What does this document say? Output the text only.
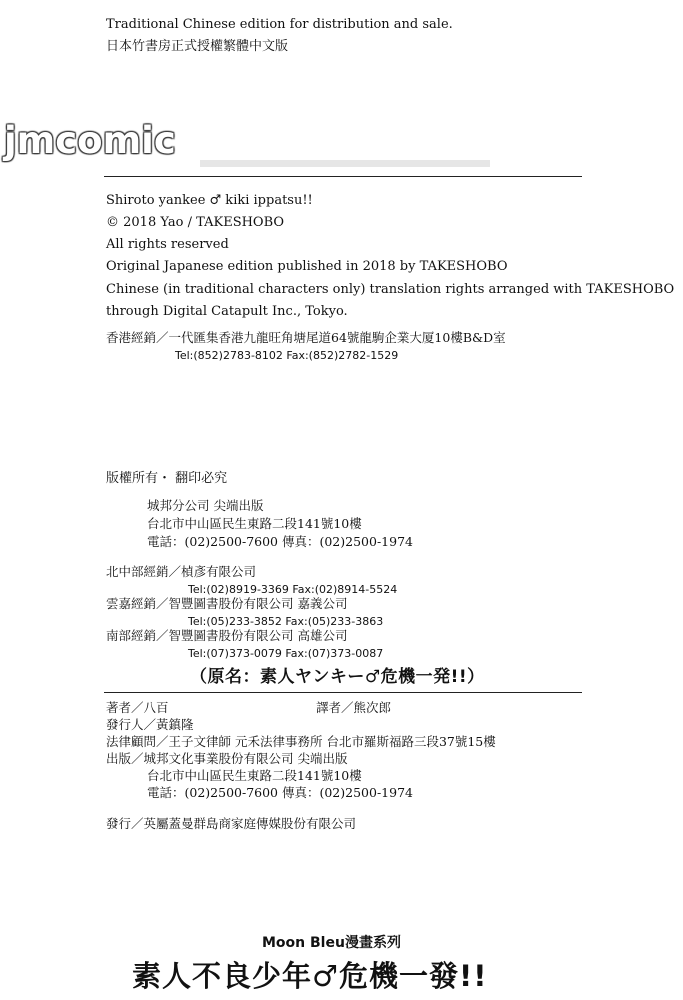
Traditional Chinese edition for distribution and sale.
日本竹書房正式授權繁體中文版
jmcomic
Shiroto yankee ♂ kiki ippatsu!!
© 2018 Yao / TAKESHOBO
All rights reserved
Original Japanese edition published in 2018 by TAKESHOBO
Chinese (in traditional characters only) translation rights arranged with TAKESHOBO
through Digital Catapult Inc., Tokyo.
香港經銷／一代匯集香港九龍旺角塘尾道64號龍駒企業大厦10樓B&D室
Tel:(852)2783-8102 Fax:(852)2782-1529
版權所有・ 翻印必究
城邦分公司 尖端出版
台北市中山區民生東路二段141號10樓
電話：(02)2500-7600 傳真：(02)2500-1974
北中部經銷／楨彥有限公司
Tel:(02)8919-3369 Fax:(02)8914-5524
雲嘉經銷／智豐圖書股份有限公司 嘉義公司
Tel:(05)233-3852 Fax:(05)233-3863
南部經銷／智豐圖書股份有限公司 高雄公司
Tel:(07)373-0079 Fax:(07)373-0087
（原名：素人ヤンキー♂危機一発!!）
著者／八百	譯者／熊次郎
發行人／黃鎮隆
法律顧問／王子文律師 元禾法律事務所 台北市羅斯福路三段37號15樓
出版／城邦文化事業股份有限公司 尖端出版
台北市中山區民生東路二段141號10樓
電話：(02)2500-7600 傳真：(02)2500-1974
發行／英屬蓋曼群島商家庭傳媒股份有限公司
Moon Bleu漫畫系列
素人不良少年♂危機一發!!
